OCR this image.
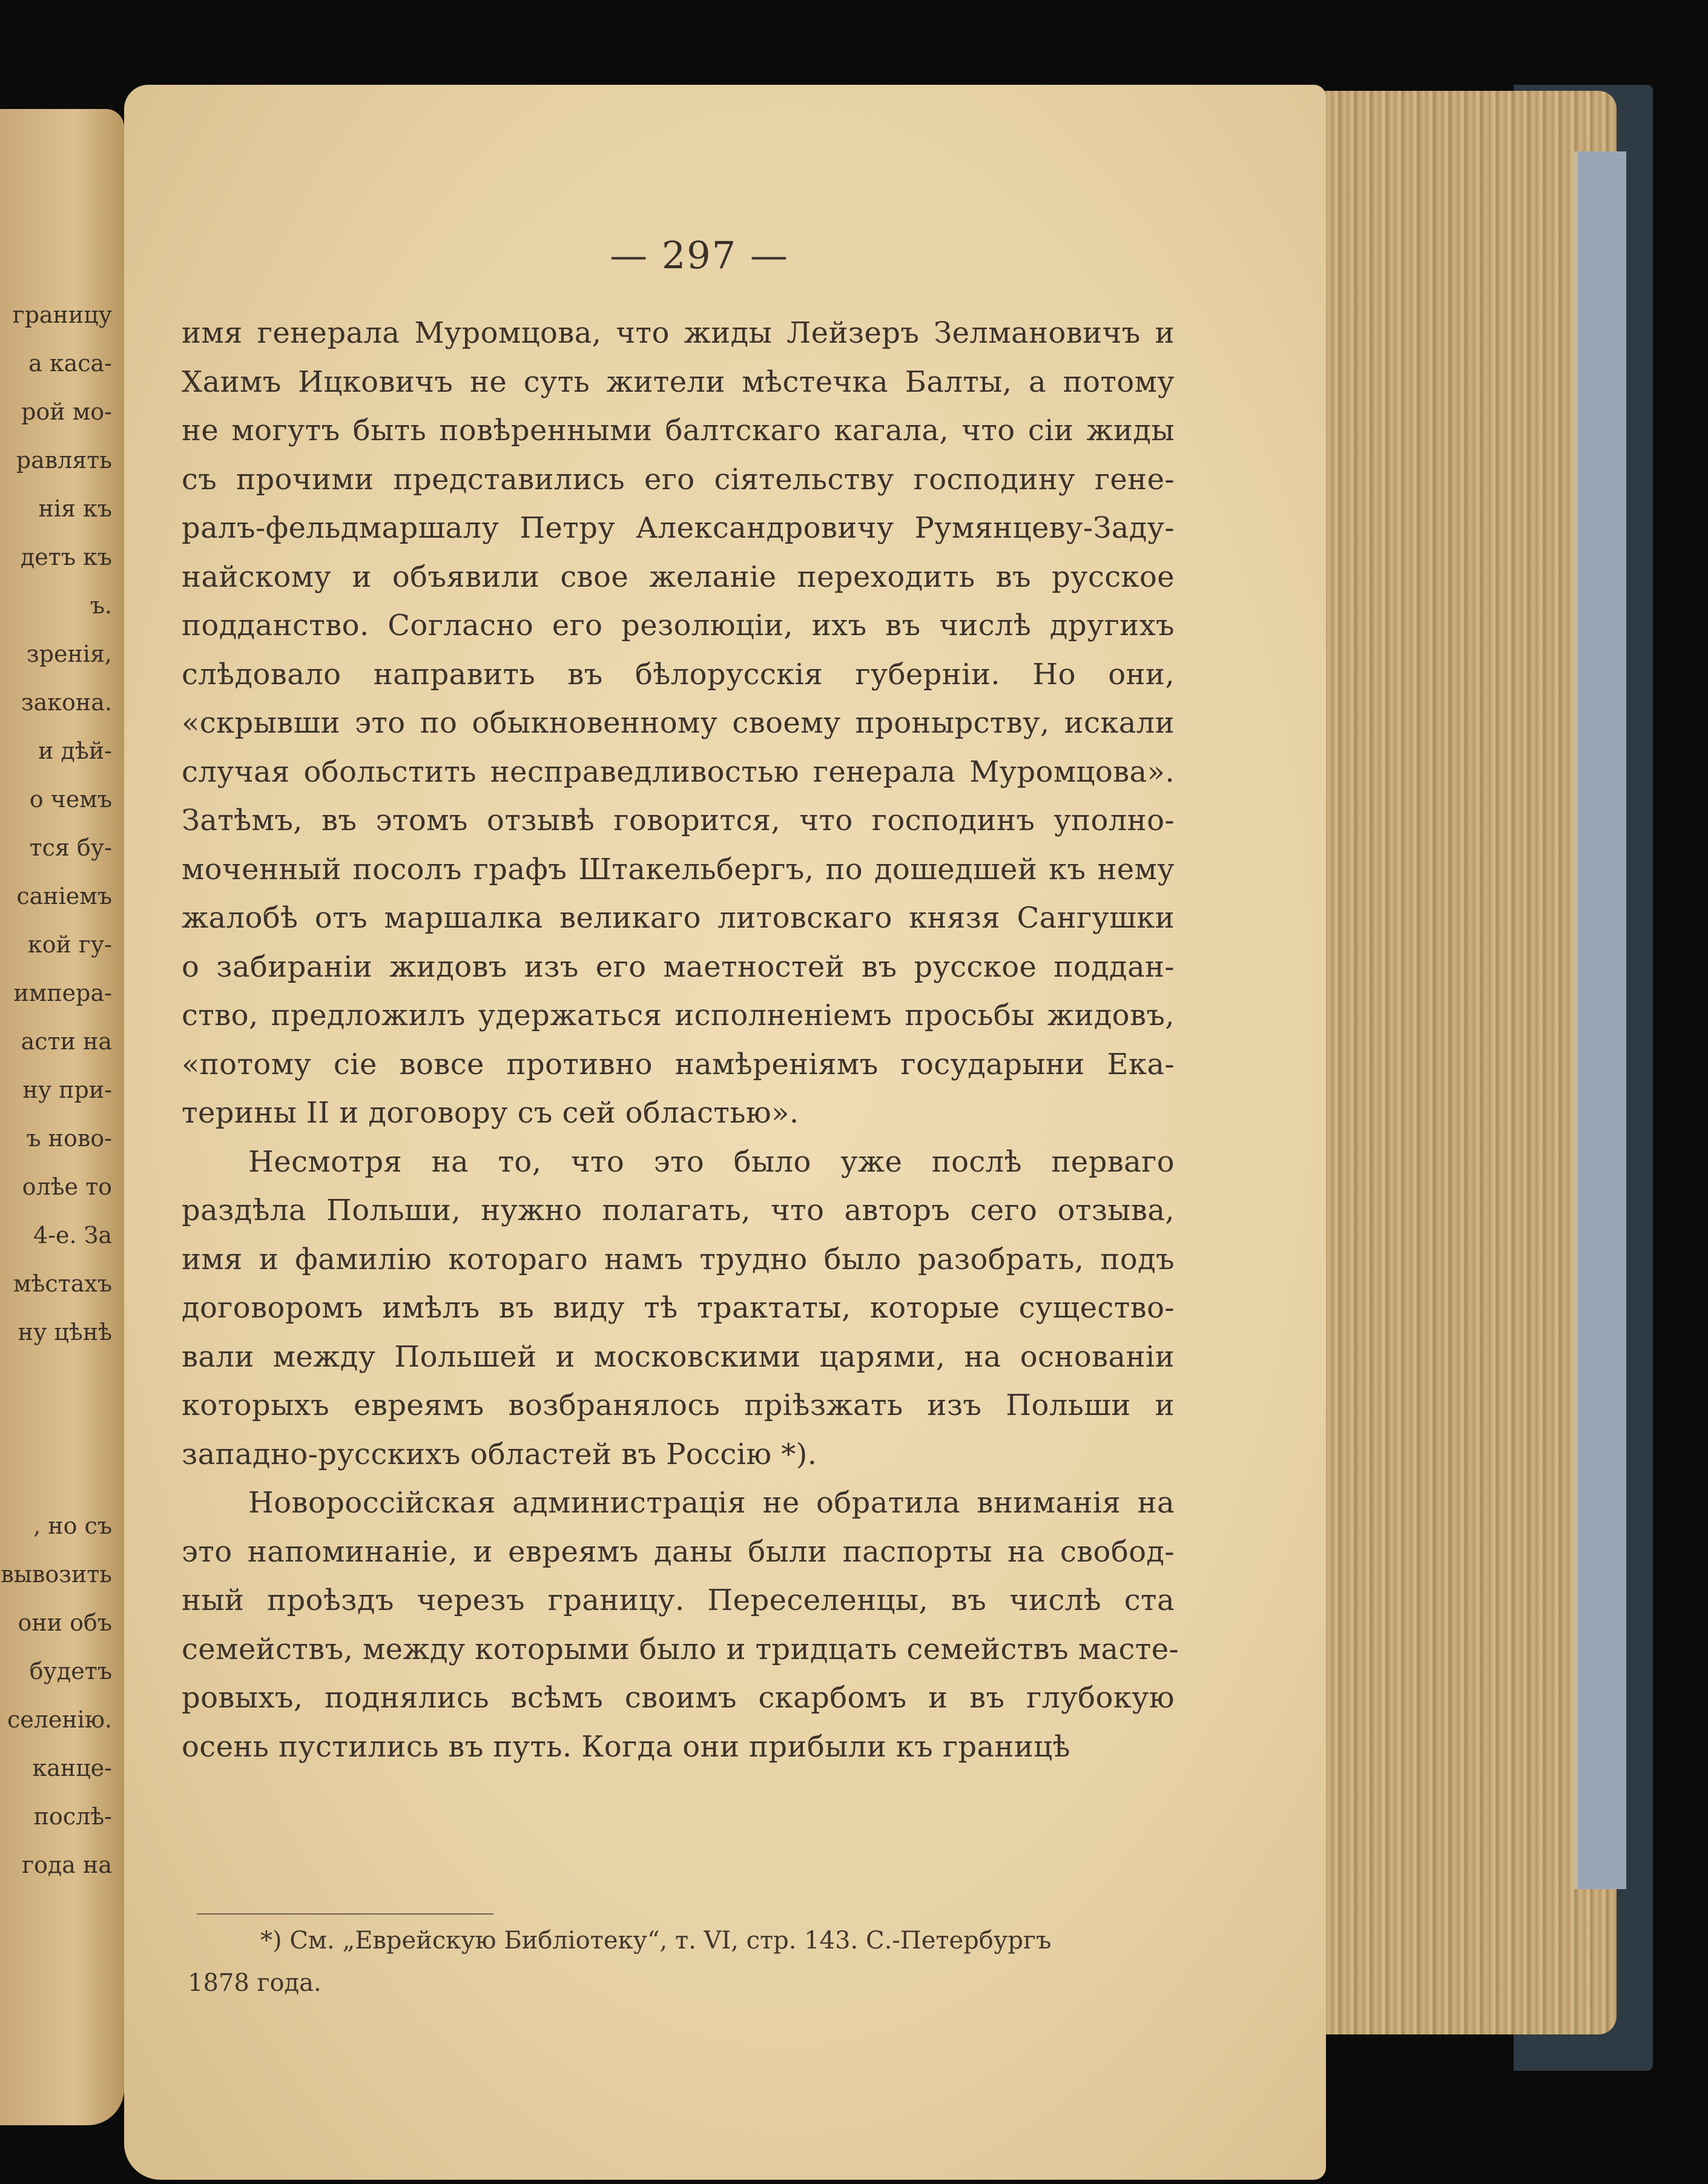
границу
а каса-
рой мо-
равлять
нія къ
детъ къ
ъ.
зренія,
закона.
и дѣй-
о чемъ
тся бу-
санiемъ
кой гу-
импера-
асти на
ну при-
ъ ново-
олѣе то
4-е. За
мѣстахъ
ну цѣнѣ
, но съ
вывозить
они объ
будетъ
селенію.
канце-
послѣ-
года на
— 297 —
имя генерала Муромцова, что жиды Лейзеръ Зелмановичъ и
Хаимъ Ицковичъ не суть жители мѣстечка Балты, а потому
не могутъ быть повѣренными балтскаго кагала, что сіи жиды
съ прочими представились его сіятельству господину гене-
ралъ-фельдмаршалу Петру Александровичу Румянцеву-Заду-
найскому и объявили свое желаніе переходить въ русское
подданство. Согласно его резолюціи, ихъ въ числѣ другихъ
слѣдовало направить въ бѣлорусскія губерніи. Но они,
«скрывши это по обыкновенному своему пронырству, искали
случая обольстить несправедливостью генерала Муромцова».
Затѣмъ, въ этомъ отзывѣ говорится, что господинъ уполно-
моченный посолъ графъ Штакельбергъ, по дошедшей къ нему
жалобѣ отъ маршалка великаго литовскаго князя Сангушки
о забираніи жидовъ изъ его маетностей въ русское поддан-
ство, предложилъ удержаться исполненіемъ просьбы жидовъ,
«потому сіе вовсе противно намѣреніямъ государыни Ека-
терины II и договору съ сей областью».
Несмотря на то, что это было уже послѣ перваго
раздѣла Польши, нужно полагать, что авторъ сего отзыва,
имя и фамилію котораго намъ трудно было разобрать, подъ
договоромъ имѣлъ въ виду тѣ трактаты, которые существо-
вали между Польшей и московскими царями, на основаніи
которыхъ евреямъ возбранялось пріѣзжать изъ Польши и
западно-русскихъ областей въ Россію *).
Новороссійская администрація не обратила вниманія на
это напоминаніе, и евреямъ даны были паспорты на свобод-
ный проѣздъ черезъ границу. Переселенцы, въ числѣ ста
семействъ, между которыми было и тридцать семействъ масте-
ровыхъ, поднялись всѣмъ своимъ скарбомъ и въ глубокую
осень пустились въ путь. Когда они прибыли къ границѣ
*) См. „Еврейскую Библіотеку“, т. VI, стр. 143. С.-Петербургъ
1878 года.
